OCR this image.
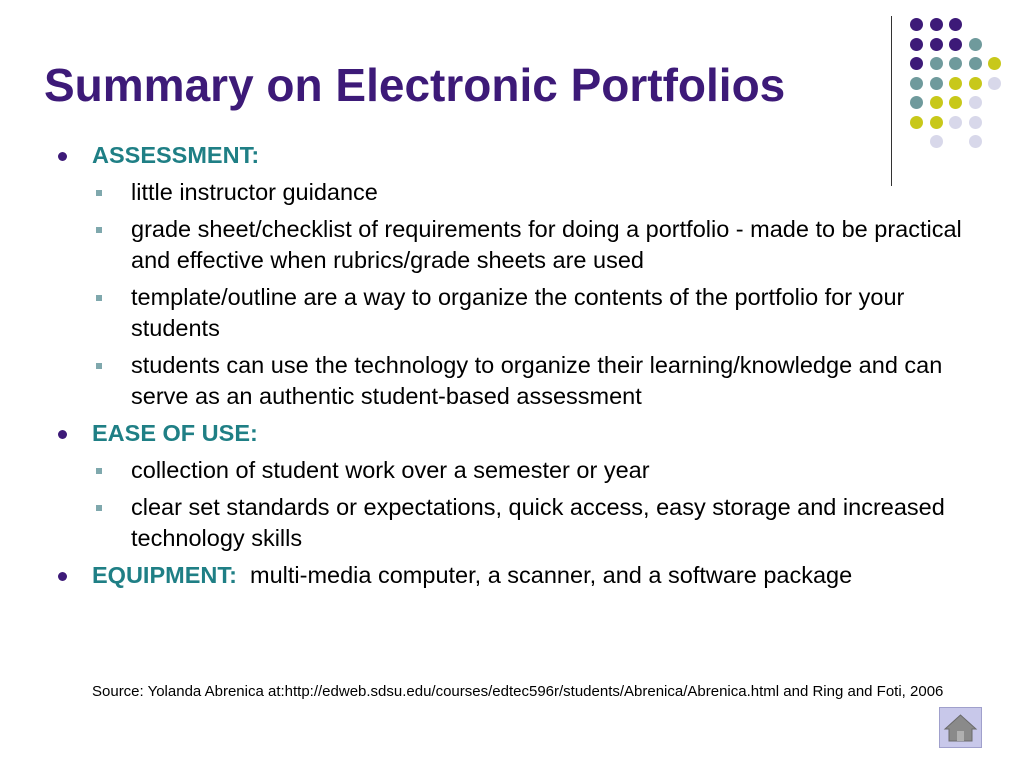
Summary on Electronic Portfolios
ASSESSMENT:
little instructor guidance
grade sheet/checklist of requirements for doing a portfolio - made to be practical and effective when rubrics/grade sheets are used
template/outline are a way to organize the contents of the portfolio for your students
students can use the technology to organize their learning/knowledge and can serve as an authentic student-based assessment
EASE OF USE:
collection of student work over a semester or year
clear set standards or expectations, quick access, easy storage and increased technology skills
EQUIPMENT: multi-media computer, a scanner, and a software package
Source: Yolanda Abrenica at:http://edweb.sdsu.edu/courses/edtec596r/students/Abrenica/Abrenica.html and Ring and Foti, 2006
